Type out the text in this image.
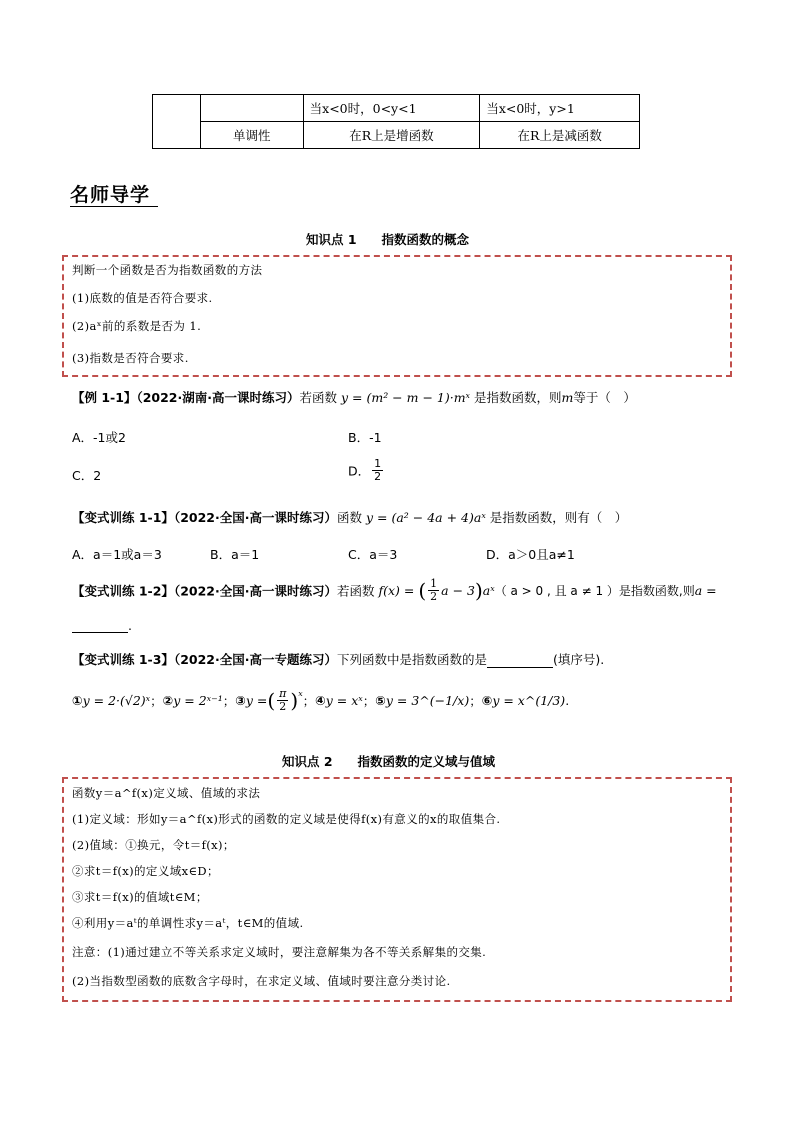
		当x<0时，0<y<1	当x<0时，y>1
	单调性	在R上是增函数	在R上是减函数
名师导学
知识点 1　　指数函数的概念
判断一个函数是否为指数函数的方法
(1)底数的值是否符合要求.
(2)aˣ前的系数是否为 1.
(3)指数是否符合要求.
【例 1-1】（2022·湖南·高一课时练习）若函数 y = (m² − m − 1)·mˣ 是指数函数，则m等于（　）
A．-1或2	B．-1
C．2	D． $\frac{1}{2}$
【变式训练 1-1】（2022·全国·高一课时练习）函数 y = (a² − 4a + 4)aˣ 是指数函数，则有（　）
A．a＝1或a＝3	B．a＝1	C．a＝3	D．a＞0且a≠1
【变式训练 1-2】（2022·全国·高一课时练习）若函数 f(x) = ( $\frac{1}{2}$ a − 3)aˣ（ a > 0 , 且 a ≠ 1 ）是指数函数,则a =
.
【变式训练 1-3】（2022·全国·高一专题练习）下列函数中是指数函数的是	(填序号).
①y = 2·(√2)ˣ；②y = 2ˣ⁻¹；③y =( $\frac{\pi}{2}$ )ˣ；④y = xˣ；⑤y = 3^(−1/x)；⑥y = x^(1/3).
知识点 2　　指数函数的定义域与值域
函数y＝a^f(x)定义域、值域的求法
(1)定义域：形如y＝a^f(x)形式的函数的定义域是使得f(x)有意义的x的取值集合.
(2)值域：①换元，令t＝f(x)；
②求t＝f(x)的定义域x∈D；
③求t＝f(x)的值域t∈M；
④利用y＝aᵗ的单调性求y＝aᵗ，t∈M的值域.
注意：(1)通过建立不等关系求定义域时，要注意解集为各不等关系解集的交集.
(2)当指数型函数的底数含字母时，在求定义域、值域时要注意分类讨论.
